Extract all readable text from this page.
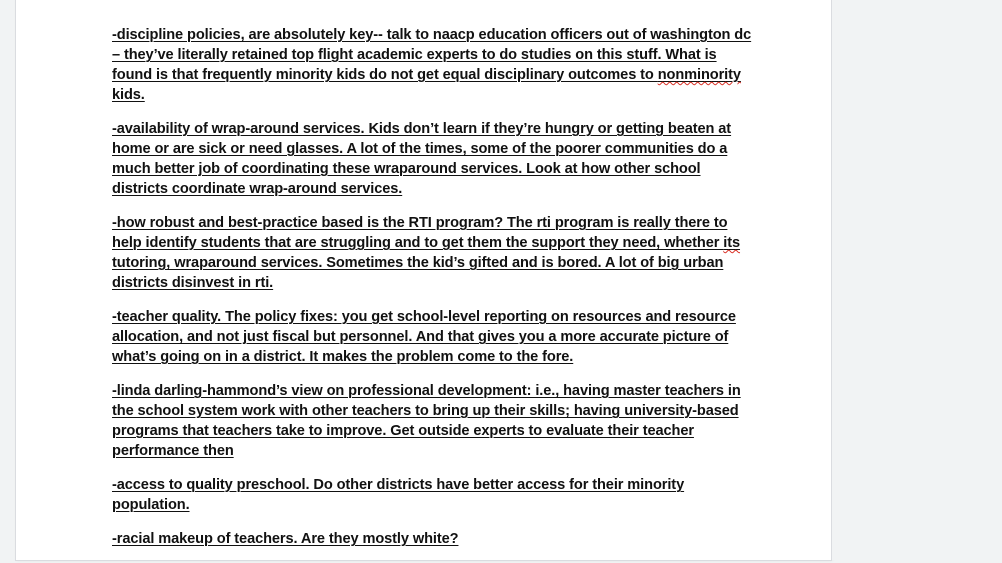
-discipline policies, are absolutely key-- talk to naacp education officers out of washington dc – they’ve literally retained top flight academic experts to do studies on this stuff. What is found is that frequently minority kids do not get equal disciplinary outcomes to nonminority kids.

-availability of wrap-around services. Kids don’t learn if they’re hungry or getting beaten at home or are sick or need glasses. A lot of the times, some of the poorer communities do a much better job of coordinating these wraparound services. Look at how other school districts coordinate wrap-around services.

-how robust and best-practice based is the RTI program? The rti program is really there to help identify students that are struggling and to get them the support they need, whether its tutoring, wraparound services. Sometimes the kid’s gifted and is bored. A lot of big urban districts disinvest in rti.

-teacher quality. The policy fixes: you get school-level reporting on resources and resource allocation, and not just fiscal but personnel. And that gives you a more accurate picture of what’s going on in a district. It makes the problem come to the fore.

-linda darling-hammond’s view on professional development: i.e., having master teachers in the school system work with other teachers to bring up their skills; having university-based programs that teachers take to improve. Get outside experts to evaluate their teacher performance then

-access to quality preschool. Do other districts have better access for their minority population.

-racial makeup of teachers. Are they mostly white?
